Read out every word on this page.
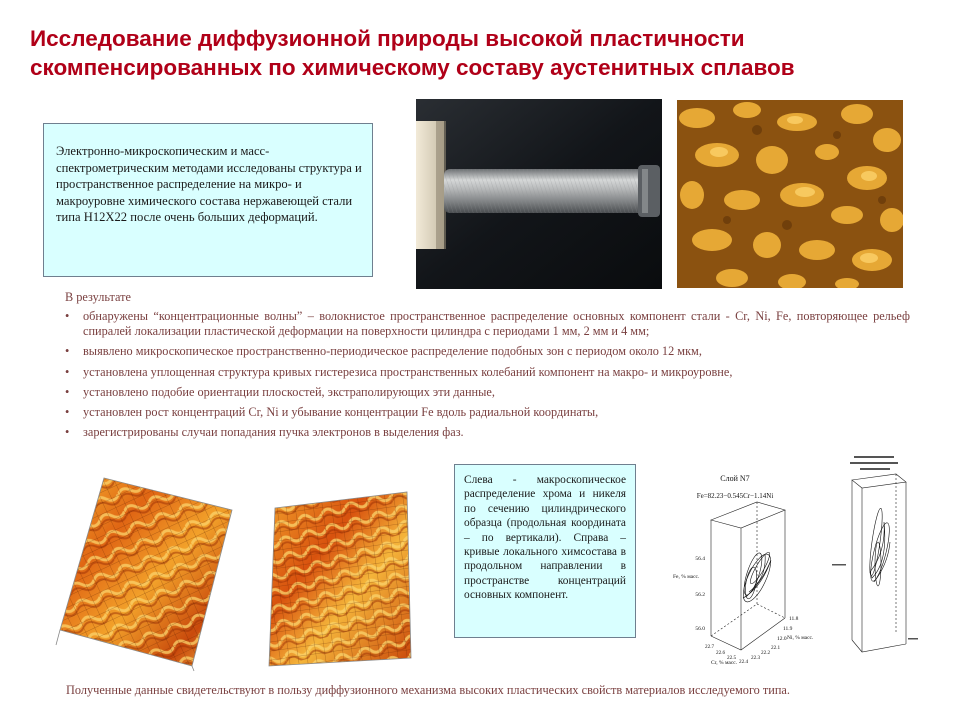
Исследование диффузионной природы высокой пластичности
скомпенсированных по химическому составу аустенитных сплавов
Электронно-микроскопическим и масс-спектрометрическим методами исследованы структура и пространственное распределение на микро- и макроуровне химического состава нержавеющей стали типа Н12Х22 после очень больших деформаций.

В результате

• обнаружены “концентрационные волны” – волокнистое пространственное распределение основных компонент стали - Cr, Ni, Fe, повторяющее рельеф спиралей локализации пластической деформации на поверхности цилиндра с периодами 1 мм, 2 мм и 4 мм;
• выявлено микроскопическое пространственно-периодическое распределение подобных зон с периодом около 12 мкм,
• установлена уплощенная структура кривых гистерезиса пространственных колебаний компонент на макро- и микроуровне,
• установлено подобие ориентации плоскостей, экстраполирующих эти данные,
• установлен рост концентраций Cr, Ni и убывание концентрации Fe вдоль радиальной координаты,
• зарегистрированы случаи попадания пучка электронов в выделения фаз.
Слева - макроскопическое распределение хрома и никеля по сечению цилиндрического образца (продольная координата – по вертикали). Справа – кривые локального химсостава в продольном направлении в пространстве концентраций основных компонент.
Слой N7
Fe=82.23−0.545Cr−1.14Ni
56.4
56.2
56.0
Fe, % масс.
11.8
11.9
12.0 Ni, % масс.
22.7
22.6
22.5
22.4
22.3
22.2
22.1
Cr, % масс.

Полученные данные свидетельствуют в пользу диффузионного механизма высоких пластических свойств материалов исследуемого типа.
